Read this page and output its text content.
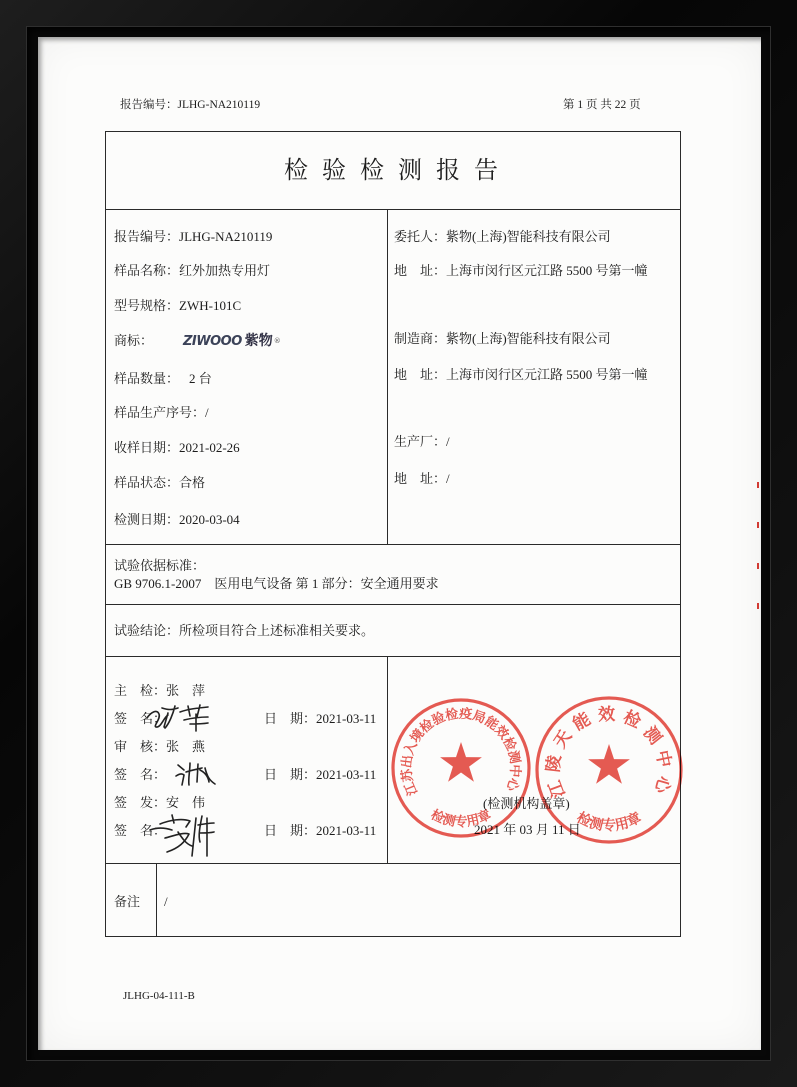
报告编号：JLHG-NA210119	第 1 页 共 22 页
检 验 检 测 报 告
报告编号：JLHG-NA210119
样品名称：红外加热专用灯
型号规格：ZWH-101C
商标： ZIWOOO 紫物®
样品数量： 2 台
样品生产序号：/
收样日期：2021-02-26
样品状态：合格
检测日期：2020-03-04
委托人：紫物(上海)智能科技有限公司
地　址：上海市闵行区元江路 5500 号第一幢
制造商：紫物(上海)智能科技有限公司
地　址：上海市闵行区元江路 5500 号第一幢
生产厂：/
地　址：/
试验依据标准：
GB 9706.1-2007　医用电气设备 第 1 部分：安全通用要求
试验结论：所检项目符合上述标准相关要求。
主　检：张　萍
签　名：	日　期：2021-03-11
审　核：张　燕
签　名：	日　期：2021-03-11
签　发：安　伟
签　名：	日　期：2021-03-11
(检测机构盖章)
2021 年 03 月 11 日
备注 /
JLHG-04-111-B
江苏出入境检验检疫局能效检测中心
检测专用章
江陵天能效检测中心
检测专用章
